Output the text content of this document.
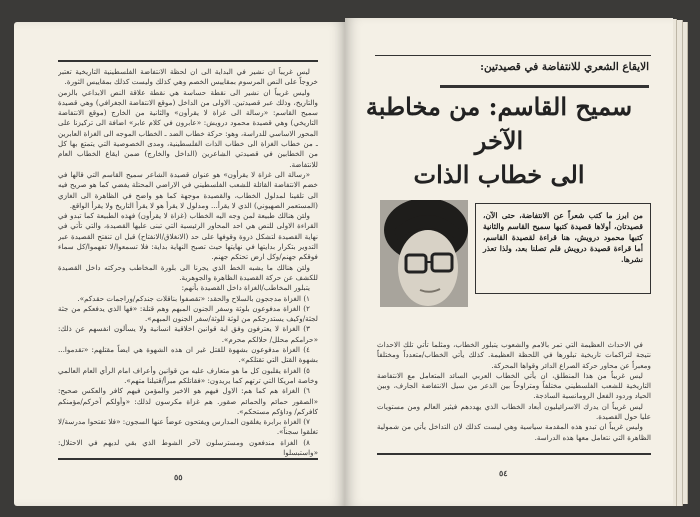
ليس غريباً ان نشير في البداية الى ان لحظة الانتفاضة الفلسطينية التاريخية تعتبر خروجاً على النص المرسوم بمقاييس الخصم وهي كذلك وليست كذلك بمقاييس الثورة.

وليس غريباً ان نشير الى نقطة حساسة هي نقطة علاقة النص الابداعي بالزمن والتاريخ، وذلك عبر قصيدتين. الاولى من الداخل (موقع الانتفاضة الجغرافي) وهي قصيدة سميح القاسم: «رسالة الى غزاة لا يقرأون» والثانية من الخارج (موقع الانتفاضة التاريخي) وهي قصيدة محمود درويش: «عابرون في كلام عابر» اضافة الى تركيزنا على المحور الاساسي للدراسة، وهو: حركة خطاب الضد ـ الخطاب الموجه الى الغزاة العابرين ـ من خطاب الغزاة الى خطاب الذات الفلسطينية، ومدى الخصوصية التي يتمتع بها كل من الخطابين في قصيدتي الشاعرين (الداخل والخارج) ضمن ايقاع الخطاب العام للانتفاضة.

«رسالة الى غزاة لا يقرأون» هو عنوان قصيدة الشاعر سميح القاسم التي قالها في خضم الانتفاضة القائلة للشعب الفلسطيني في الاراضي المحتلة يفضي كما هو صريح فيه الى تلقينا لمدلول الخطاب، والقصيدة موجهة كما هو واضح في الظاهرة الى الغازي (المستعمر الصهيوني) الذي لا يقرأ... ومدلول لا يقرأ هو لا يقرأ التاريخ ولا يقرأ الواقع.

ولئن هنالك طبيعة لمن وجه اليه الخطاب (غزاة لا يقرأون) فهذه الطبيعة كما تبدو في القراءة الاولى للنص هي احد المحاور الرئيسية التي تبنى عليها القصيدة، والتي تأتي في نهاية القصيدة لتشكل ذروة وقوفها على حد (الانغلاق/الانفتاح) قبل ان تنفتح القصيدة عبر التدوير بتكرار بدايتها في نهايتها حيث تصبح النهاية بداية: فلا تسمعوا/لا تفهموا/كل سماء فوقكم جهنم/وكل ارض تحتكم جهنم.

ولئن هنالك ما يشبه الخط الذي يجرنا الى بلورة المخاطب وحركته داخل القصيدة للكشف عن حركة القصيدة الظاهرة والجوهرية.

يتبلور المخاطب/الغزاة داخل القصيدة بأنهم:

١) الغزاة مدججون بالسلاح والحقد: «تقصفوا بناقلات جندكم/وراجمات حقدكم».

٢) الغزاة مدفوعون بلوثة وسفر الجنون المبهم وهم قتلة: «فها الذي يدفعكم من جثة لجثة/وكيف يستدرجكم من لوثة للوثة/سفر الجنون المبهم».

٣) الغزاة لا يعترفون وفق اية قوانين اخلاقية انسانية ولا يسألون انفسهم عن ذلك: «حرامكم محلل/ حلالكم محرم».

٤) الغزاة مدفوعون بشهوة للقتل غير ان هذه الشهوة هي ايضاً مقتلهم: «تقدموا... بشهوة القتل التي تقتلكم».

٥) الغزاة يقلبون كل ما هو متعارف عليه من قوانين وأعراف امام الرأي العام العالمي وخاصة امريكا التي ترتهم كما يريدون: «فقاتلكم مبرأ/قتيلنا متهم».

٦) الغزاة هم كما هم: الاول فيهم هو الاخير والمؤمن فيهم كافر والعكس صحيح: «الصقور حمائم والحمائم صقور. هم غزاة مكرسون لذلك: «وأولكم آخركم/مؤمنكم كافركم/ وداؤكم مستحكم».

٧) الغزاة برابرة يغلقون المدارس ويفتحون عوضاً عنها السجون: «فلا تفتحوا مدرسة/لا تغلقوا سجناً».

٨) الغزاة مندفعون ومسترسلون لآخر الشوط الذي بقي لديهم في الاحتلال: «واستبسلوا

٥٥
الايقاع الشعري للانتفاضة في قصيدتين:
سميح القاسم: من مخاطبة الآخر
الى خطاب الذات
من ابرز ما كتب شعراً عن الانتفاضة، حتى الآن، قصيدتان، أولاها قصيدة كتبها سميح القاسم والثانية كتبها محمود درويش، هنا قراءة لقصيدة القاسم، أما قراءة قصيدة درويش فلم تصلنا بعد، ولذا تعذر نشرها.

في الاحداث العظيمة التي تمر بالامم والشعوب يتبلور الخطاب، ومثلما تأتي تلك الاحداث نتيجة لتراكمات تاريخية تبلورها في اللحظة العظيمة. كذلك يأتي الخطاب/متعدداً ومختلفاً ومعبراً عن محاور حركة الصراع الدائر وقواها المحركة.

ليس غريباً من هذا المنطلق، ان يأتي الخطاب العربي السائد المتعامل مع الانتفاضة التاريخية للشعب الفلسطيني مختلفاً ومتراوحاً بين الذعر من سيل الانتفاضة الجارف، وبين الحياد وردود الفعل الرومانسية الساذجة.

ليس غريباً ان يدرك الاسرائيليون أبعاد الخطاب الذي يهددهم فيثير العالم ومن مستويات عليا حول القصيدة.

وليس غريباً ان تبدو هذه المقدمة سياسية وهي ليست كذلك لان التداخل يأتي من شمولية الظاهرة التي نتعامل معها هذه الدراسة.

٥٤
